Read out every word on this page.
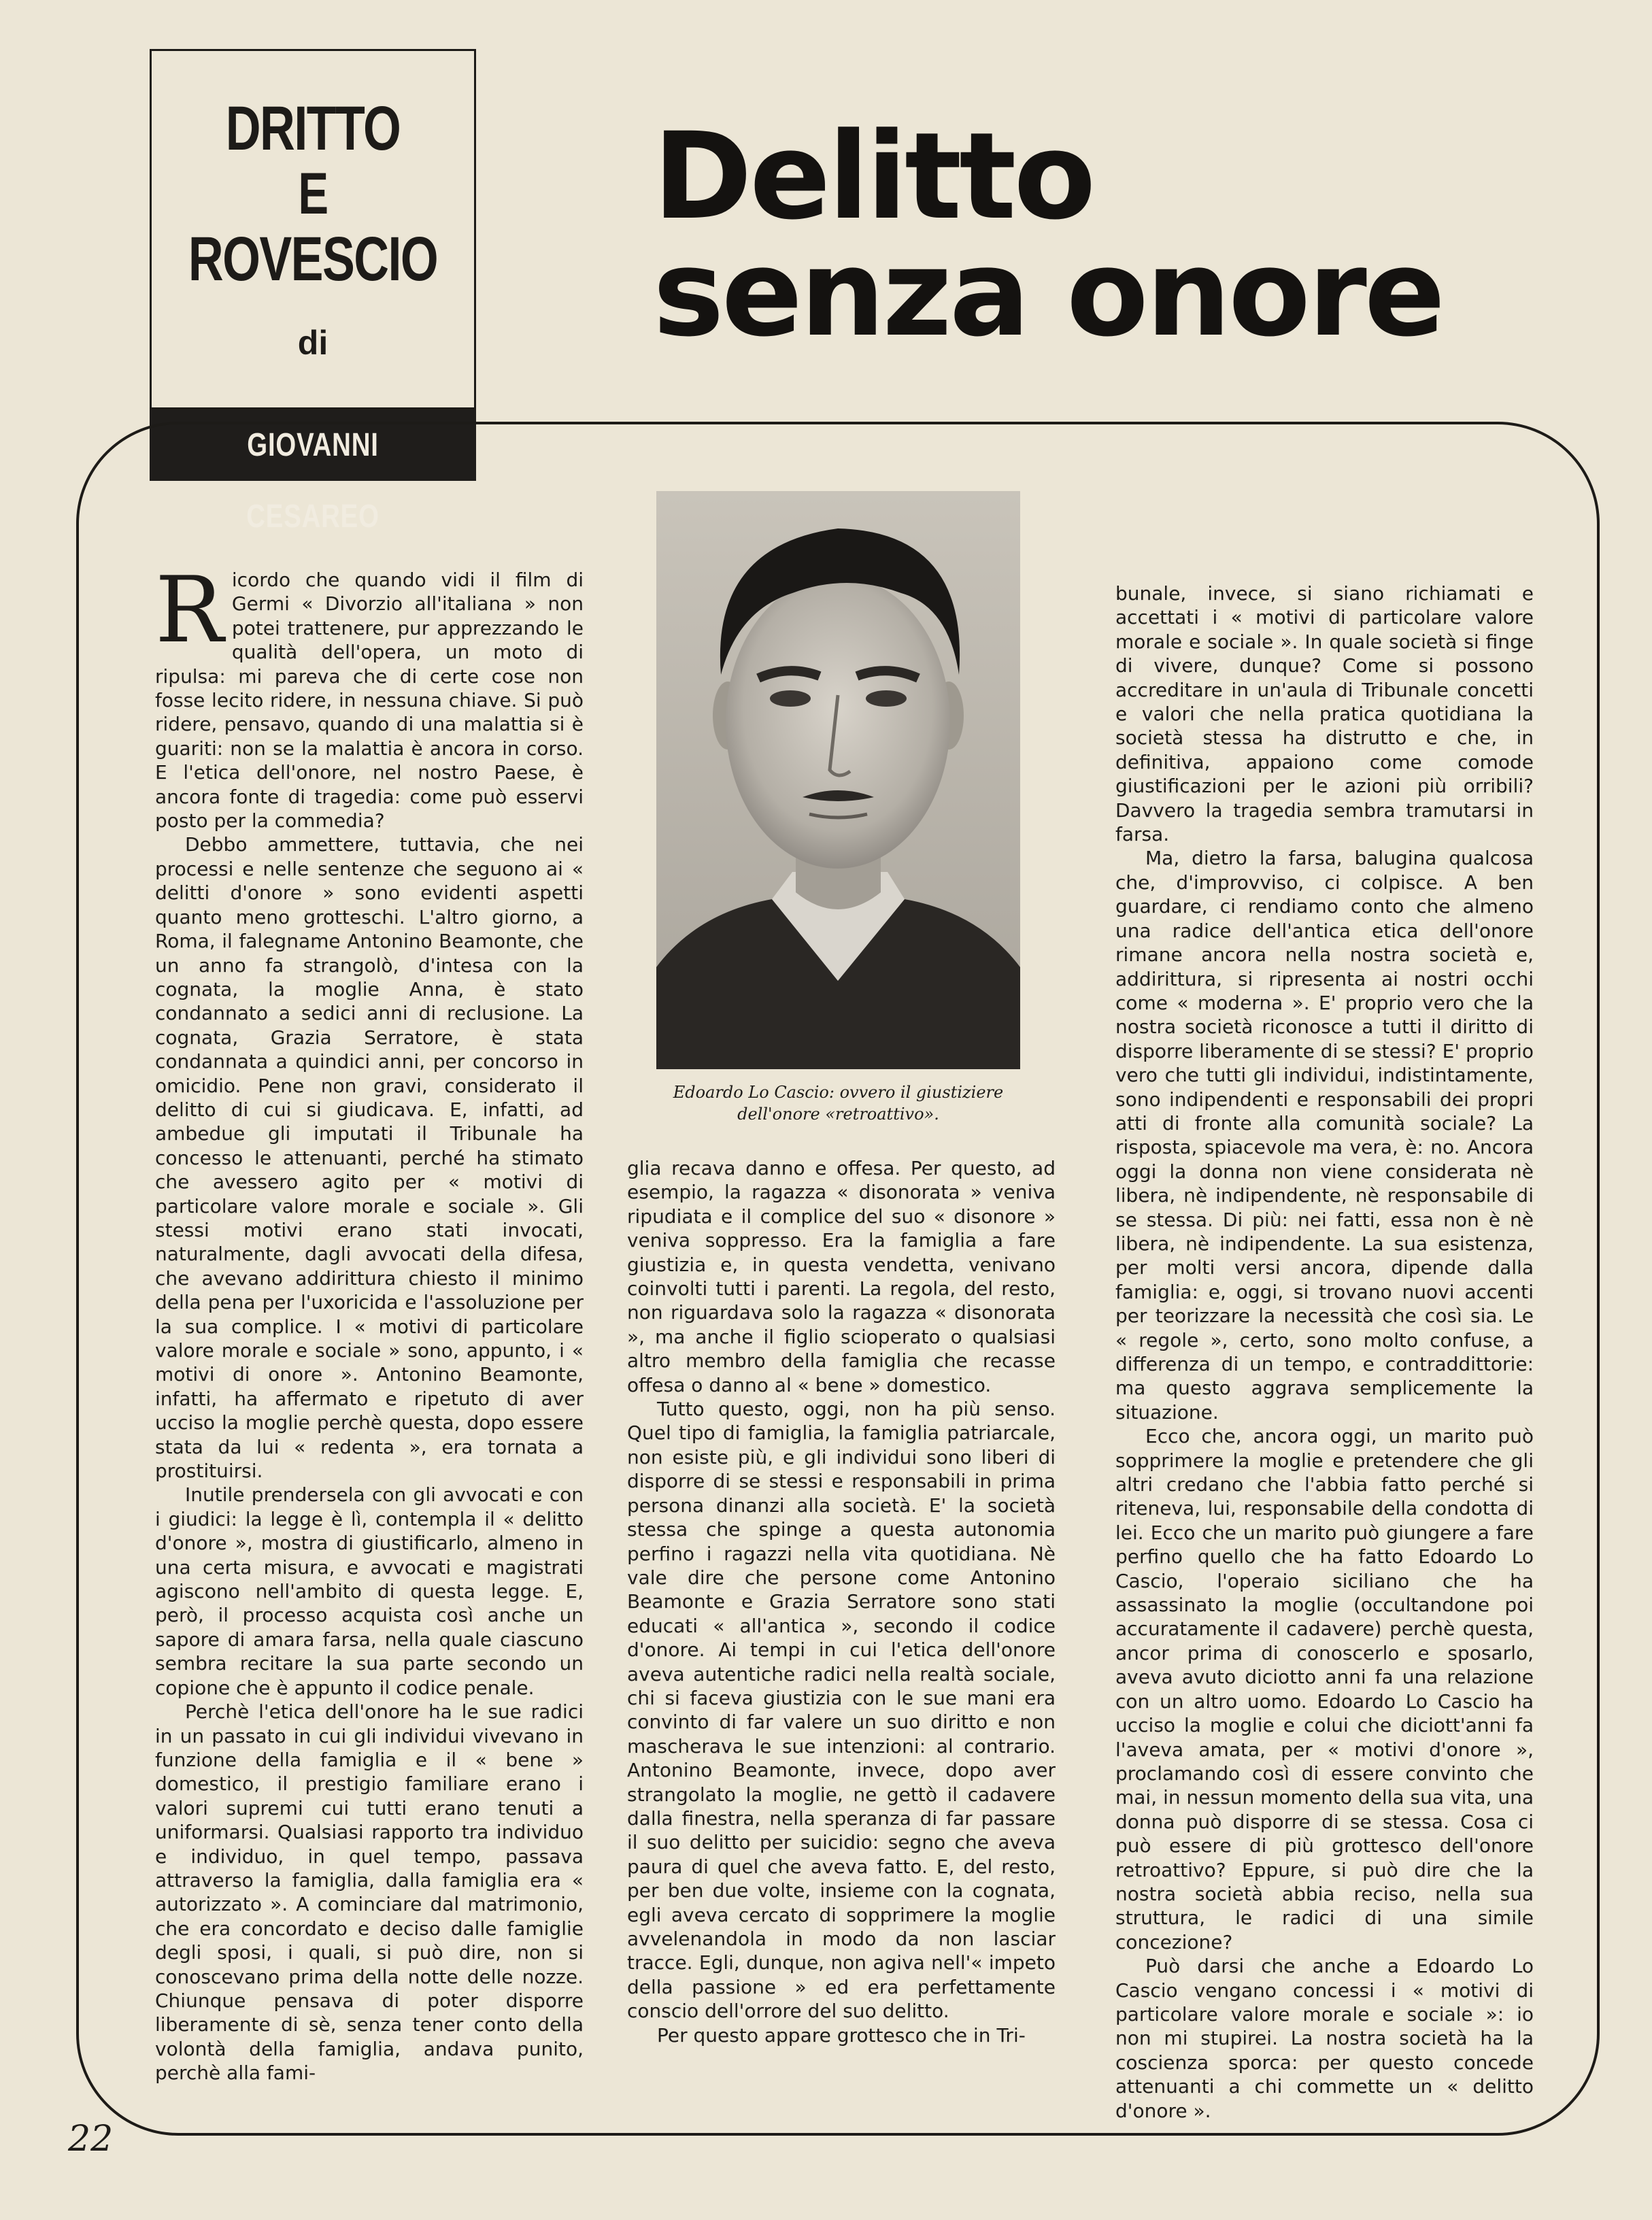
DRITTO
E
ROVESCIO
di
GIOVANNI CESAREO
Delitto
senza onore
Edoardo Lo Cascio: ovvero il giustiziere dell'onore «retroattivo».

Ricordo che quando vidi il film di Germi « Divorzio all'italiana » non potei trattenere, pur apprezzando le qualità dell'opera, un moto di ripulsa: mi pareva che di certe cose non fosse lecito ridere, in nessuna chiave. Si può ridere, pensavo, quando di una malattia si è guariti: non se la malattia è ancora in corso. E l'etica dell'onore, nel nostro Paese, è ancora fonte di tragedia: come può esservi posto per la commedia?

Debbo ammettere, tuttavia, che nei processi e nelle sentenze che seguono ai « delitti d'onore » sono evidenti aspetti quanto meno grotteschi. L'altro giorno, a Roma, il falegname Antonino Beamonte, che un anno fa strangolò, d'intesa con la cognata, la moglie Anna, è stato condannato a sedici anni di reclusione. La cognata, Grazia Serratore, è stata condannata a quindici anni, per concorso in omicidio. Pene non gravi, considerato il delitto di cui si giudicava. E, infatti, ad ambedue gli imputati il Tribunale ha concesso le attenuanti, perché ha stimato che avessero agito per « motivi di particolare valore morale e sociale ». Gli stessi motivi erano stati invocati, naturalmente, dagli avvocati della difesa, che avevano addirittura chiesto il minimo della pena per l'uxoricida e l'assoluzione per la sua complice. I « motivi di particolare valore morale e sociale » sono, appunto, i « motivi di onore ». Antonino Beamonte, infatti, ha affermato e ripetuto di aver ucciso la moglie perchè questa, dopo essere stata da lui « redenta », era tornata a prostituirsi.

Inutile prendersela con gli avvocati e con i giudici: la legge è lì, contempla il « delitto d'onore », mostra di giustificarlo, almeno in una certa misura, e avvocati e magistrati agiscono nell'ambito di questa legge. E, però, il processo acquista così anche un sapore di amara farsa, nella quale ciascuno sembra recitare la sua parte secondo un copione che è appunto il codice penale.

Perchè l'etica dell'onore ha le sue radici in un passato in cui gli individui vivevano in funzione della famiglia e il « bene » domestico, il prestigio familiare erano i valori supremi cui tutti erano tenuti a uniformarsi. Qualsiasi rapporto tra individuo e individuo, in quel tempo, passava attraverso la famiglia, dalla famiglia era « autorizzato ». A cominciare dal matrimonio, che era concordato e deciso dalle famiglie degli sposi, i quali, si può dire, non si conoscevano prima della notte delle nozze. Chiunque pensava di poter disporre liberamente di sè, senza tener conto della volontà della famiglia, andava punito, perchè alla fami-

glia recava danno e offesa. Per questo, ad esempio, la ragazza « disonorata » veniva ripudiata e il complice del suo « disonore » veniva soppresso. Era la famiglia a fare giustizia e, in questa vendetta, venivano coinvolti tutti i parenti. La regola, del resto, non riguardava solo la ragazza « disonorata », ma anche il figlio scioperato o qualsiasi altro membro della famiglia che recasse offesa o danno al « bene » domestico.

Tutto questo, oggi, non ha più senso. Quel tipo di famiglia, la famiglia patriarcale, non esiste più, e gli individui sono liberi di disporre di se stessi e responsabili in prima persona dinanzi alla società. E' la società stessa che spinge a questa autonomia perfino i ragazzi nella vita quotidiana. Nè vale dire che persone come Antonino Beamonte e Grazia Serratore sono stati educati « all'antica », secondo il codice d'onore. Ai tempi in cui l'etica dell'onore aveva autentiche radici nella realtà sociale, chi si faceva giustizia con le sue mani era convinto di far valere un suo diritto e non mascherava le sue intenzioni: al contrario. Antonino Beamonte, invece, dopo aver strangolato la moglie, ne gettò il cadavere dalla finestra, nella speranza di far passare il suo delitto per suicidio: segno che aveva paura di quel che aveva fatto. E, del resto, per ben due volte, insieme con la cognata, egli aveva cercato di sopprimere la moglie avvelenandola in modo da non lasciar tracce. Egli, dunque, non agiva nell'« impeto della passione » ed era perfettamente conscio dell'orrore del suo delitto.

Per questo appare grottesco che in Tri-

bunale, invece, si siano richiamati e accettati i « motivi di particolare valore morale e sociale ». In quale società si finge di vivere, dunque? Come si possono accreditare in un'aula di Tribunale concetti e valori che nella pratica quotidiana la società stessa ha distrutto e che, in definitiva, appaiono come comode giustificazioni per le azioni più orribili? Davvero la tragedia sembra tramutarsi in farsa.

Ma, dietro la farsa, balugina qualcosa che, d'improvviso, ci colpisce. A ben guardare, ci rendiamo conto che almeno una radice dell'antica etica dell'onore rimane ancora nella nostra società e, addirittura, si ripresenta ai nostri occhi come « moderna ». E' proprio vero che la nostra società riconosce a tutti il diritto di disporre liberamente di se stessi? E' proprio vero che tutti gli individui, indistintamente, sono indipendenti e responsabili dei propri atti di fronte alla comunità sociale? La risposta, spiacevole ma vera, è: no. Ancora oggi la donna non viene considerata nè libera, nè indipendente, nè responsabile di se stessa. Di più: nei fatti, essa non è nè libera, nè indipendente. La sua esistenza, per molti versi ancora, dipende dalla famiglia: e, oggi, si trovano nuovi accenti per teorizzare la necessità che così sia. Le « regole », certo, sono molto confuse, a differenza di un tempo, e contraddittorie: ma questo aggrava semplicemente la situazione.

Ecco che, ancora oggi, un marito può sopprimere la moglie e pretendere che gli altri credano che l'abbia fatto perché si riteneva, lui, responsabile della condotta di lei. Ecco che un marito può giungere a fare perfino quello che ha fatto Edoardo Lo Cascio, l'operaio siciliano che ha assassinato la moglie (occultandone poi accuratamente il cadavere) perchè questa, ancor prima di conoscerlo e sposarlo, aveva avuto diciotto anni fa una relazione con un altro uomo. Edoardo Lo Cascio ha ucciso la moglie e colui che diciott'anni fa l'aveva amata, per « motivi d'onore », proclamando così di essere convinto che mai, in nessun momento della sua vita, una donna può disporre di se stessa. Cosa ci può essere di più grottesco dell'onore retroattivo? Eppure, si può dire che la nostra società abbia reciso, nella sua struttura, le radici di una simile concezione?

Può darsi che anche a Edoardo Lo Cascio vengano concessi i « motivi di particolare valore morale e sociale »: io non mi stupirei. La nostra società ha la coscienza sporca: per questo concede attenuanti a chi commette un « delitto d'onore ».

22
